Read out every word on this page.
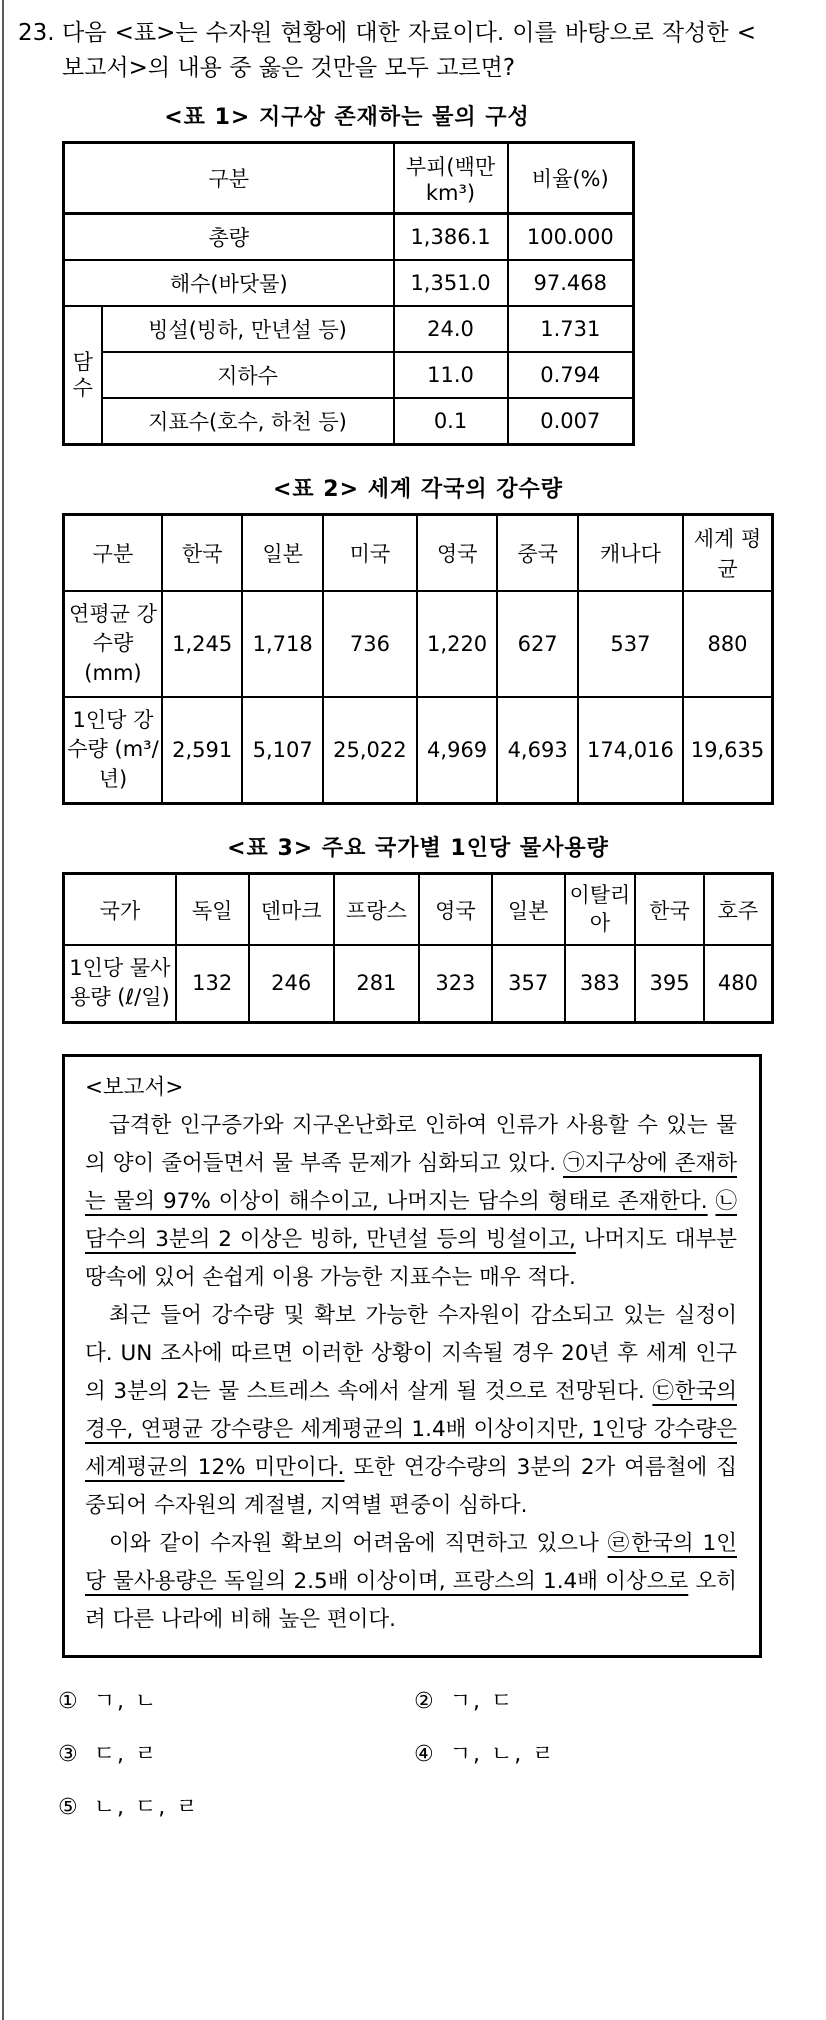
23. 다음 <표>는 수자원 현황에 대한 자료이다. 이를 바탕으로 작성한 <보고서>의 내용 중 옳은 것만을 모두 고르면?
<표 1> 지구상 존재하는 물의 구성
구분		부피(백만 km³)	비율(%)
총량		1,386.1	100.000
해수(바닷물)		1,351.0	97.468
담수	빙설(빙하, 만년설 등)	24.0	1.731
	지하수	11.0	0.794
	지표수(호수, 하천 등)	0.1	0.007
<표 2> 세계 각국의 강수량
구분	한국	일본	미국	영국	중국	캐나다	세계 평균
연평균 강수량 (mm)	1,245	1,718	736	1,220	627	537	880
1인당 강수량 (m³/년)	2,591	5,107	25,022	4,969	4,693	174,016	19,635
<표 3> 주요 국가별 1인당 물사용량
국가	독일	덴마크	프랑스	영국	일본	이탈리아	한국	호주
1인당 물사용량 (ℓ/일)	132	246	281	323	357	383	395	480

<보고서>

급격한 인구증가와 지구온난화로 인하여 인류가 사용할 수 있는 물의 양이 줄어들면서 물 부족 문제가 심화되고 있다. ㉠지구상에 존재하는 물의 97% 이상이 해수이고, 나머지는 담수의 형태로 존재한다. ㉡담수의 3분의 2 이상은 빙하, 만년설 등의 빙설이고, 나머지도 대부분 땅속에 있어 손쉽게 이용 가능한 지표수는 매우 적다.

최근 들어 강수량 및 확보 가능한 수자원이 감소되고 있는 실정이다. UN 조사에 따르면 이러한 상황이 지속될 경우 20년 후 세계 인구의 3분의 2는 물 스트레스 속에서 살게 될 것으로 전망된다. ㉢한국의 경우, 연평균 강수량은 세계평균의 1.4배 이상이지만, 1인당 강수량은 세계평균의 12% 미만이다. 또한 연강수량의 3분의 2가 여름철에 집중되어 수자원의 계절별, 지역별 편중이 심하다.

이와 같이 수자원 확보의 어려움에 직면하고 있으나 ㉣한국의 1인당 물사용량은 독일의 2.5배 이상이며, 프랑스의 1.4배 이상으로 오히려 다른 나라에 비해 높은 편이다.

① ㄱ, ㄴ	② ㄱ, ㄷ
③ ㄷ, ㄹ	④ ㄱ, ㄴ, ㄹ
⑤ ㄴ, ㄷ, ㄹ
